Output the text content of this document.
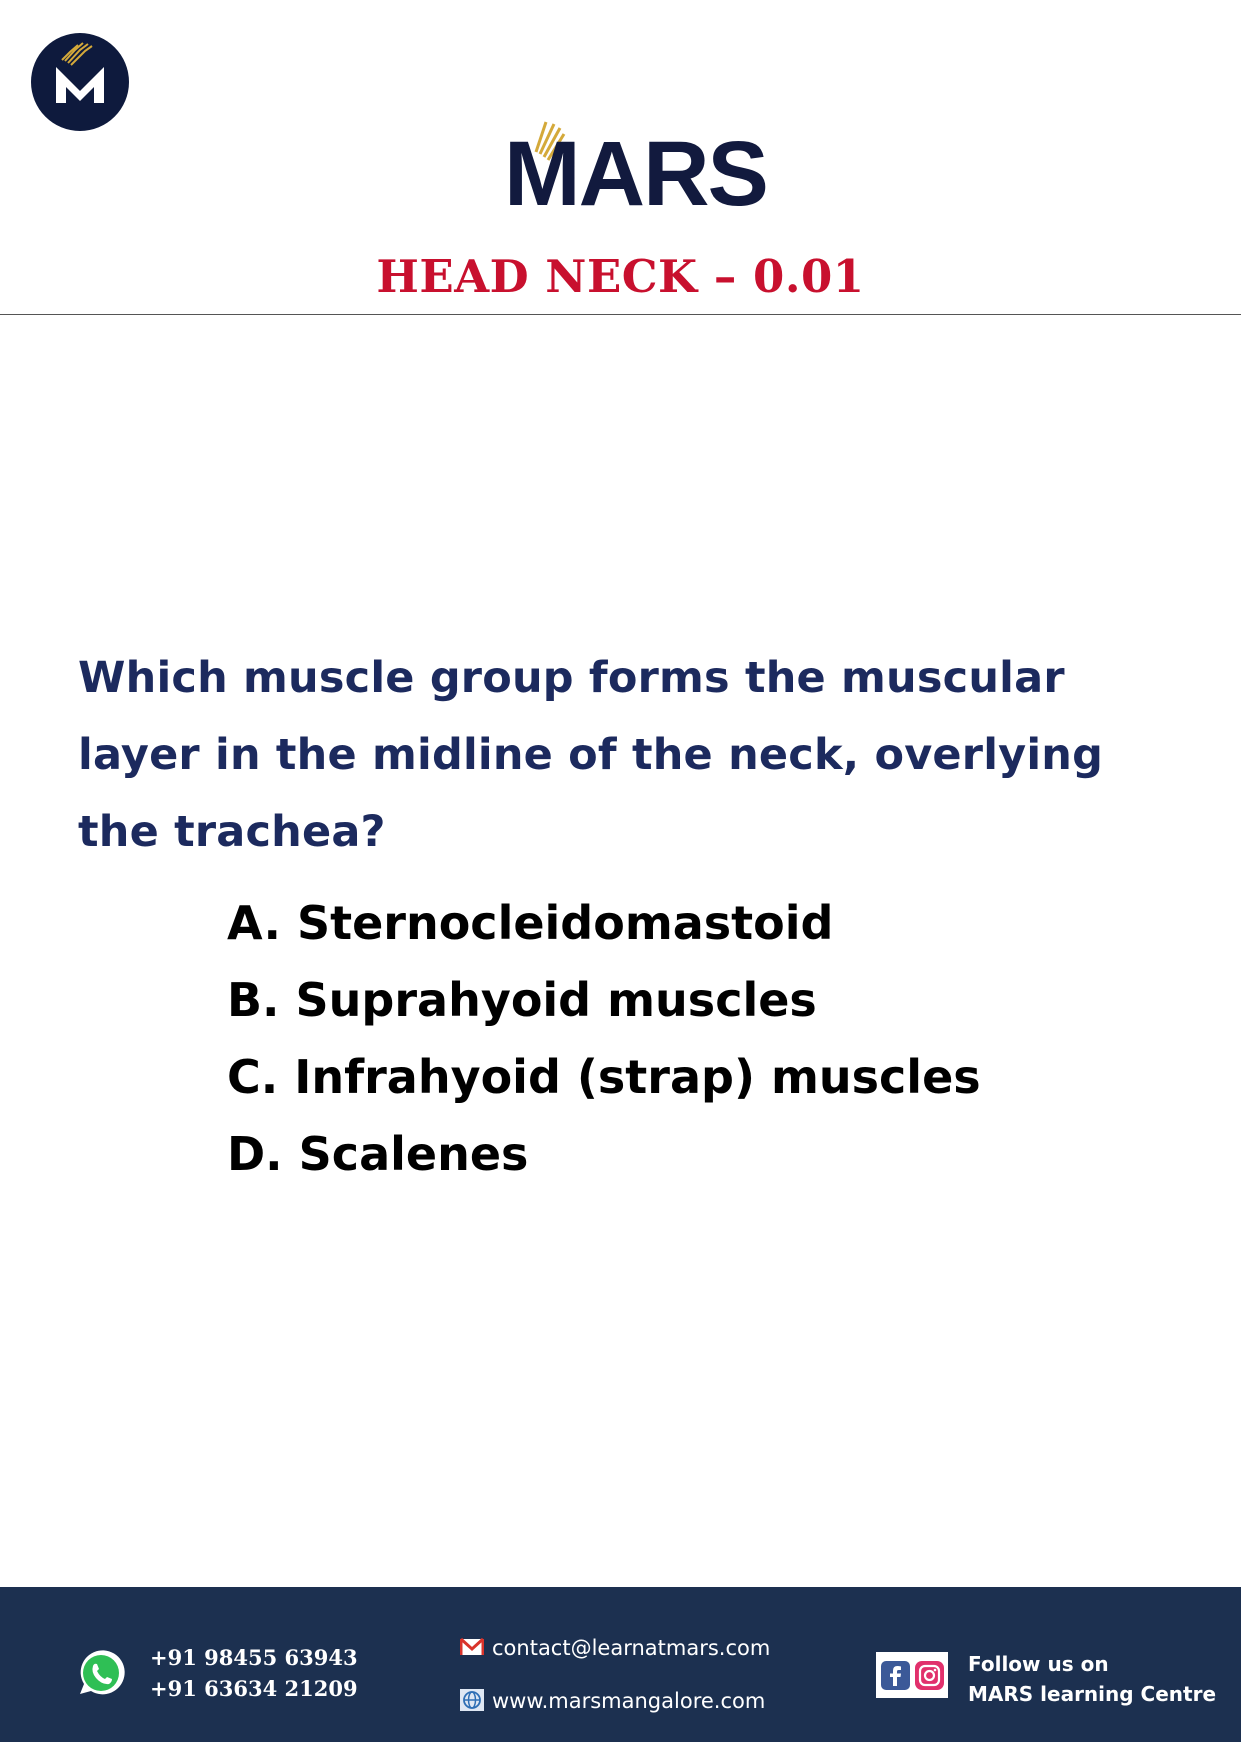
MARS
HEAD NECK – 0.01
Which muscle group forms the muscular layer in the midline of the neck, overlying the trachea?
A. Sternocleidomastoid
B. Suprahyoid muscles
C. Infrahyoid (strap) muscles
D. Scalenes
+91 98455 63943
+91 63634 21209
contact@learnatmars.com
www.marsmangalore.com
Follow us on
MARS learning Centre
